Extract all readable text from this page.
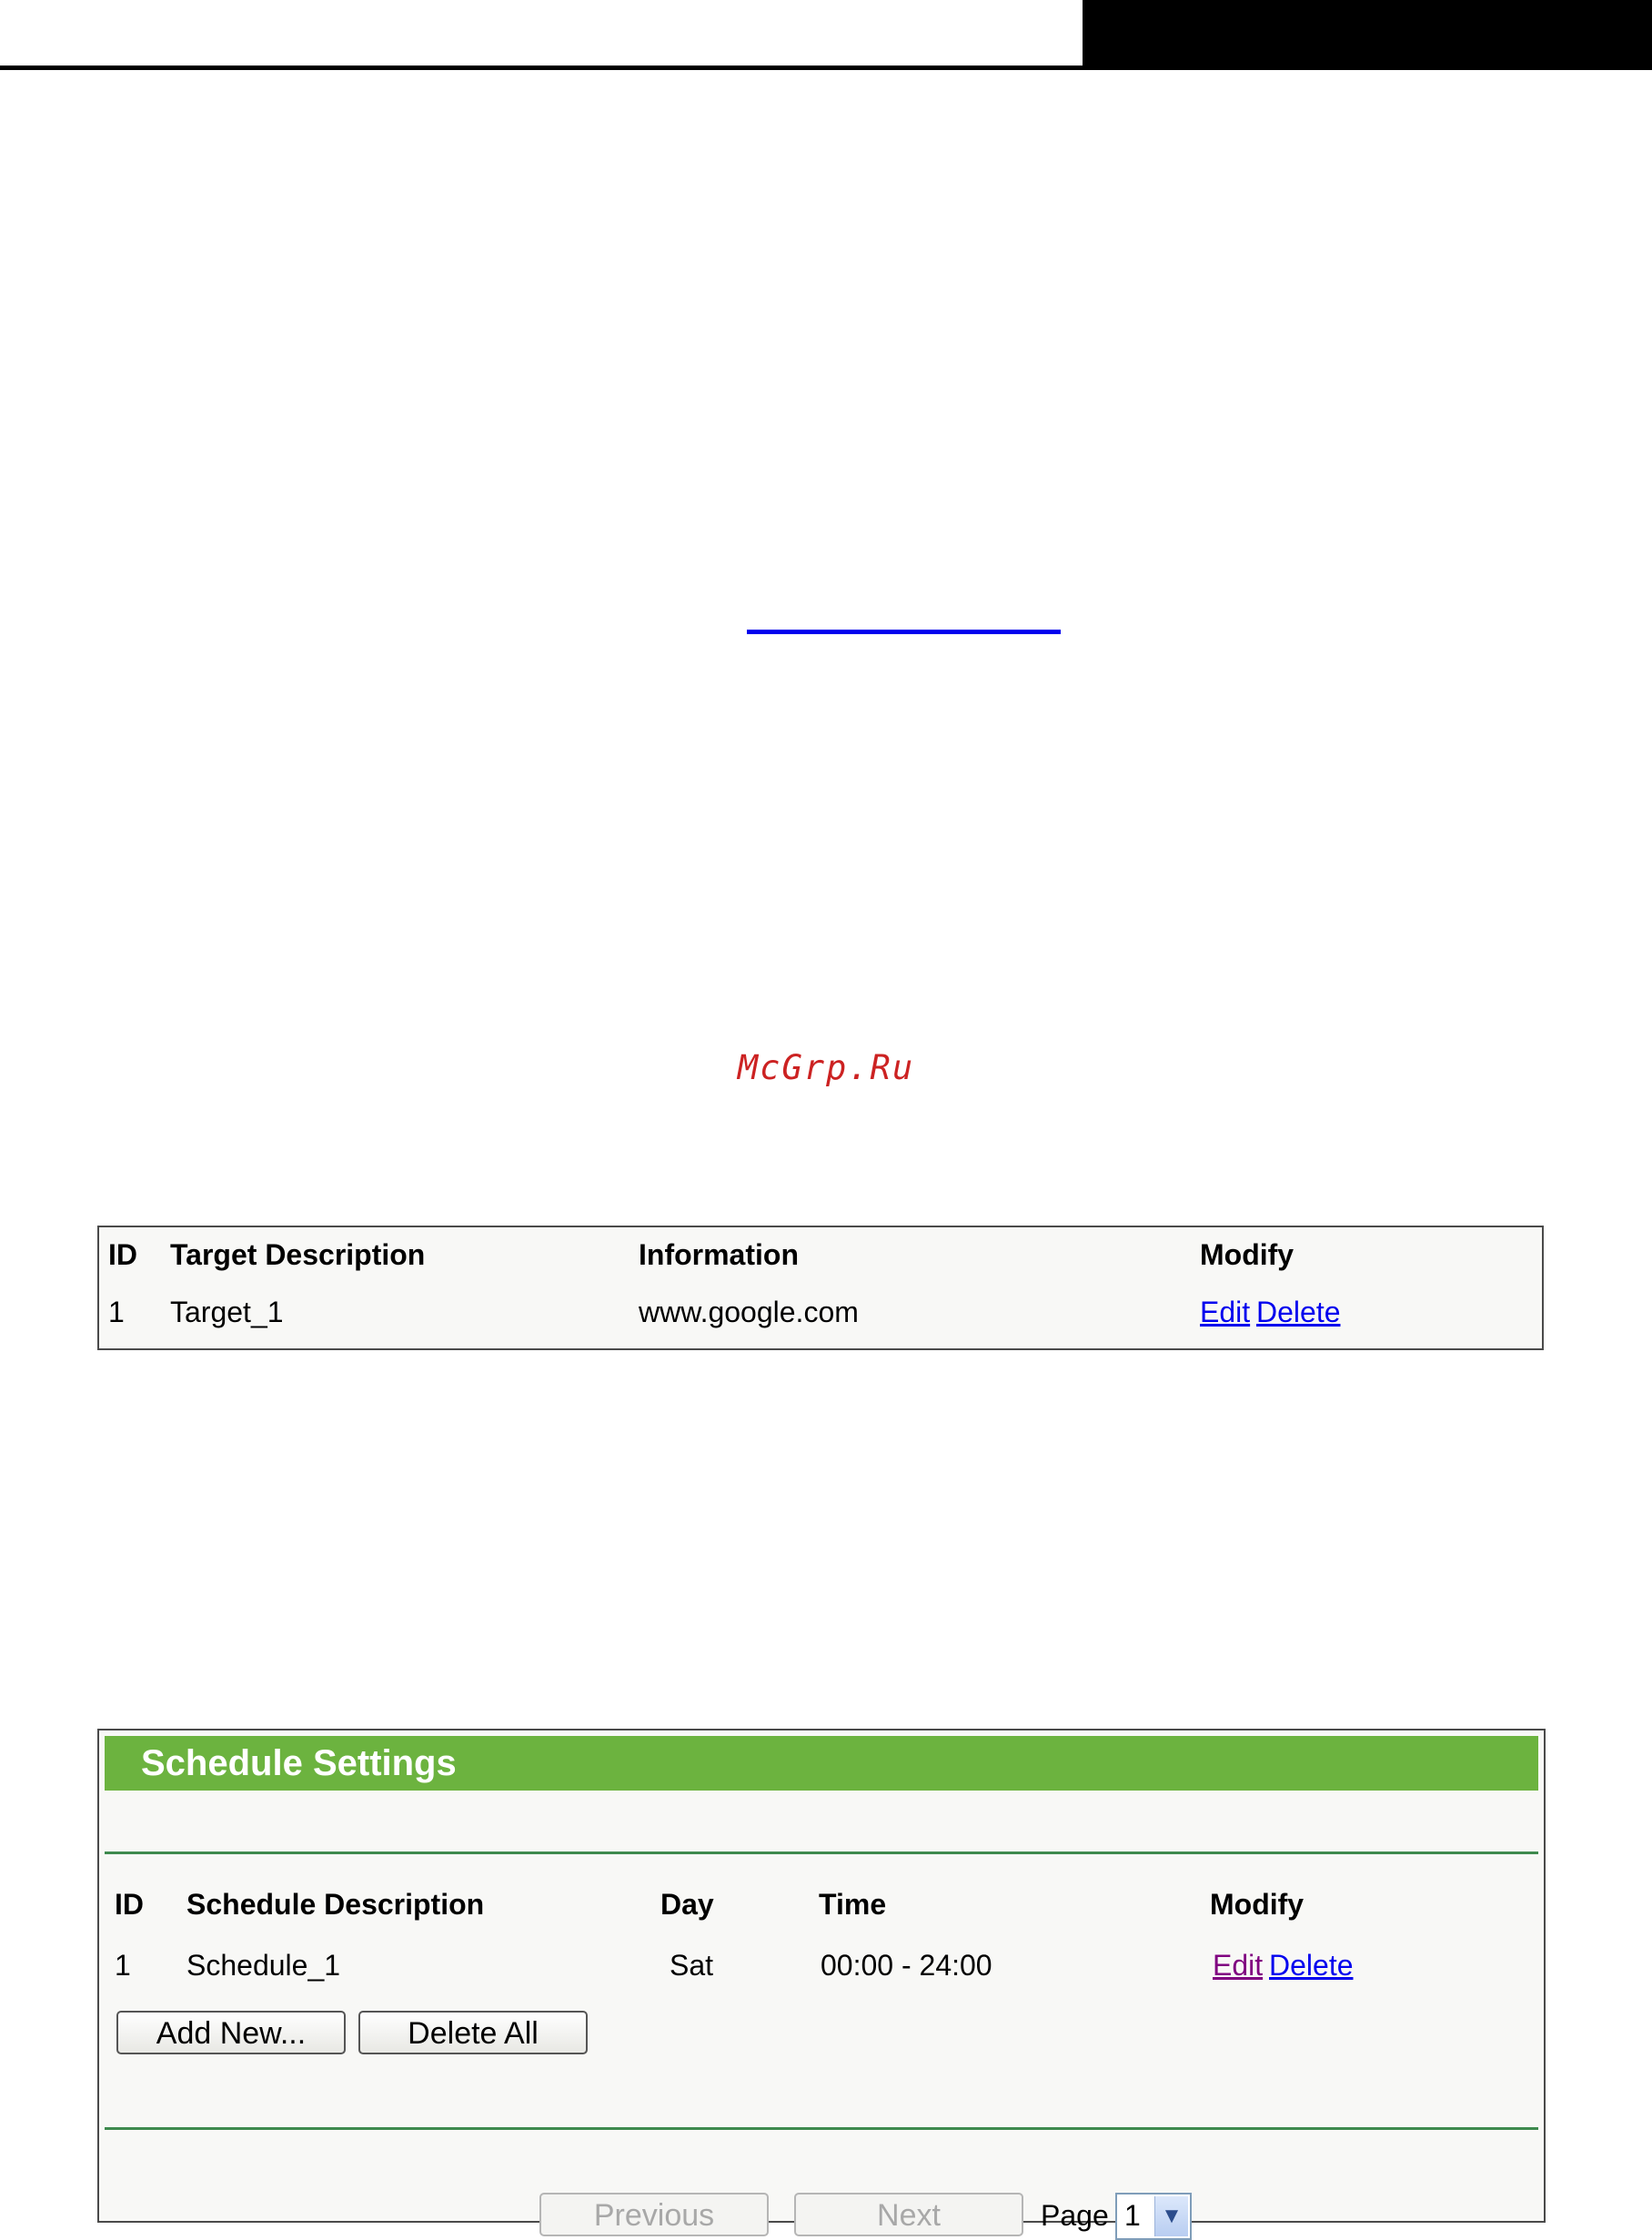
McGrp.Ru
ID Target Description	Information	Modify
1 Target_1	www.google.com	Edit Delete
Schedule Settings
ID Schedule Description	Day	Time	Modify
1 Schedule_1	Sat	00:00 - 24:00	Edit Delete
Add New...	Delete All
Previous	Next	Page 1 ▼
